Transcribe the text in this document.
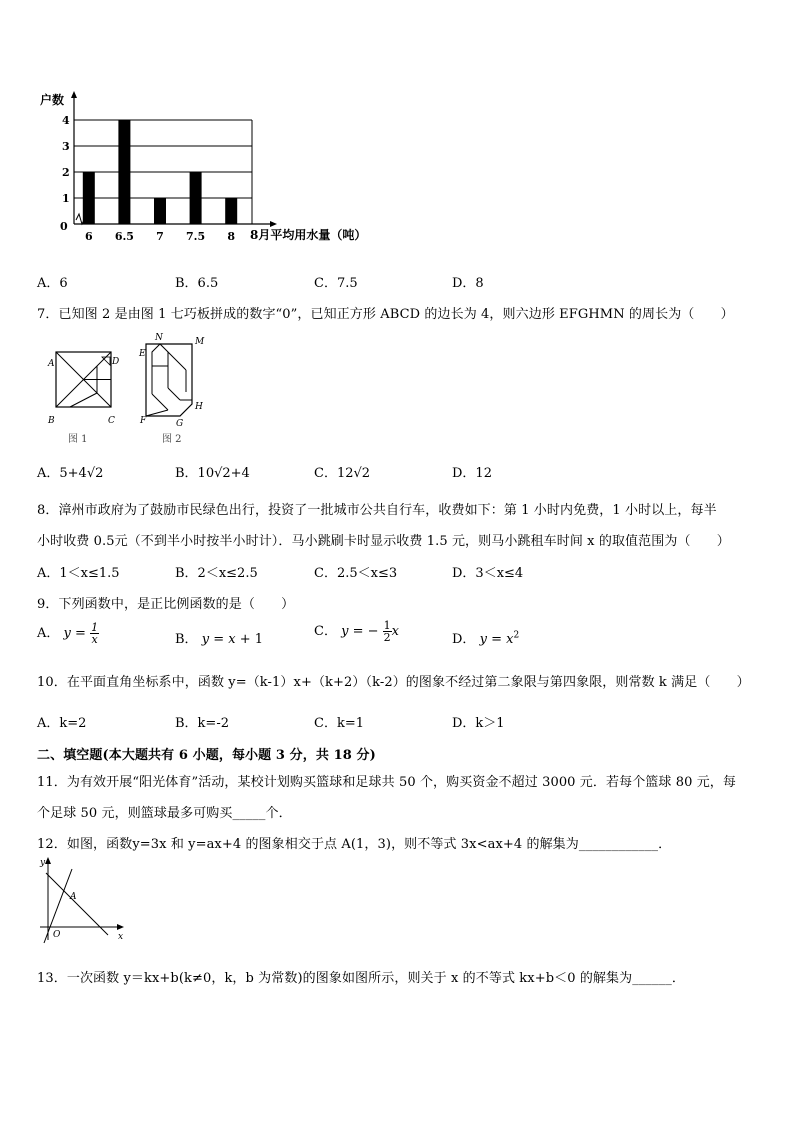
0
1
2
3
4
6 6.5 7 7.5 8
户数
8月平均用水量（吨）
A．6	B．6.5	C．7.5	D．8
7．已知图 2 是由图 1 七巧板拼成的数字“0”，已知正方形 ABCD 的边长为 4，则六边形 EFGHMN 的周长为（　　）
A	D
B	C
图 1
N	M
E
F	G
H
图 2
A．5+4√2	B．10√2+4	C．12√2	D．12
8．漳州市政府为了鼓励市民绿色出行，投资了一批城市公共自行车，收费如下：第 1 小时内免费，1 小时以上，每半
小时收费 0.5元（不到半小时按半小时计）．马小跳刷卡时显示收费 1.5 元，则马小跳租车时间 x 的取值范围为（　　）
A．1＜x≤1.5	B．2＜x≤2.5	C．2.5＜x≤3	D．3＜x≤4
9．下列函数中，是正比例函数的是（　　）
A． $y = \frac{1}{x}$	B． y = x + 1
C． y = − $\frac{1}{2}$ x
D． $y = x^2$
10．在平面直角坐标系中，函数 y=（k-1）x+（k+2）（k-2）的图象不经过第二象限与第四象限，则常数 k 满足（　　）
A．k=2	B．k=-2	C．k=1	D．k＞1
二、填空题(本大题共有 6 小题，每小题 3 分，共 18 分)
11．为有效开展“阳光体育”活动，某校计划购买篮球和足球共 50 个，购买资金不超过 3000 元．若每个篮球 80 元，每
个足球 50 元，则篮球最多可购买_____个．
12．如图，函数y=3x 和 y=ax+4 的图象相交于点 A(1，3)，则不等式 3x<ax+4 的解集为____________．
y
A
O	x
13．一次函数 y＝kx+b(k≠0，k，b 为常数)的图象如图所示，则关于 x 的不等式 kx+b＜0 的解集为______．
